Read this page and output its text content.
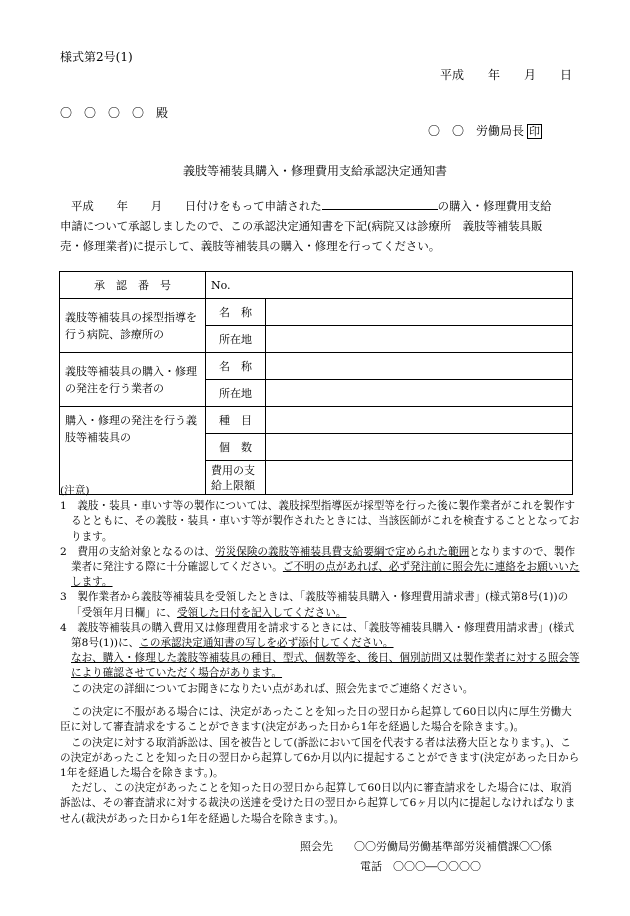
様式第2号(1)
平成　　年　　月　　日
〇　〇　〇　〇　殿
〇　〇　労働局長 印
義肢等補装具購入・修理費用支給承認決定通知書
平成　　年　　月　　日付けをもって申請された	の購入・修理費用支給
申請について承認しましたので、この承認決定通知書を下記(病院又は診療所　義肢等補装具販
売・修理業者)に提示して、義肢等補装具の購入・修理を行ってください。
承　認　番　号	No.	
義肢等補装具の採型指導を行う病院、診療所の	名　称	
	所在地	
義肢等補装具の購入・修理の発注を行う業者の	名　称	
	所在地	
購入・修理の発注を行う義肢等補装具の	種　目	
	個　数	
	費用の支給上限額	

(注意)

1　義肢・装具・車いす等の製作については、義肢採型指導医が採型等を行った後に製作業者がこれを製作するとともに、その義肢・装具・車いす等が製作されたときには、当該医師がこれを検査することとなっております。

2　費用の支給対象となるのは、労災保険の義肢等補装具費支給要綱で定められた範囲となりますので、製作業者に発注する際に十分確認してください。ご不明の点があれば、必ず発注前に照会先に連絡をお願いいたします。

3　製作業者から義肢等補装具を受領したときは、「義肢等補装具購入・修理費用請求書」(様式第8号(1))の「受領年月日欄」に、受領した日付を記入してください。

4　義肢等補装具の購入費用又は修理費用を請求するときには、「義肢等補装具購入・修理費用請求書」(様式第8号(1))に、この承認決定通知書の写しを必ず添付してください。

なお、購入・修理した義肢等補装具の種目、型式、個数等を、後日、個別訪問又は製作業者に対する照会等により確認させていただく場合があります。

この決定の詳細についてお聞きになりたい点があれば、照会先までご連絡ください。

この決定に不服がある場合には、決定があったことを知った日の翌日から起算して60日以内に厚生労働大臣に対して審査請求をすることができます(決定があった日から1年を経過した場合を除きます。)。

この決定に対する取消訴訟は、国を被告として(訴訟において国を代表する者は法務大臣となります。)、この決定があったことを知った日の翌日から起算して6か月以内に提起することができます(決定があった日から1年を経過した場合を除きます。)。

ただし、この決定があったことを知った日の翌日から起算して60日以内に審査請求をした場合には、取消訴訟は、その審査請求に対する裁決の送達を受けた日の翌日から起算して6ヶ月以内に提起しなければなりません(裁決があった日から1年を経過した場合を除きます。)。

照会先 〇〇労働局労働基準部労災補償課〇〇係
電話　 〇〇〇―〇〇〇〇
